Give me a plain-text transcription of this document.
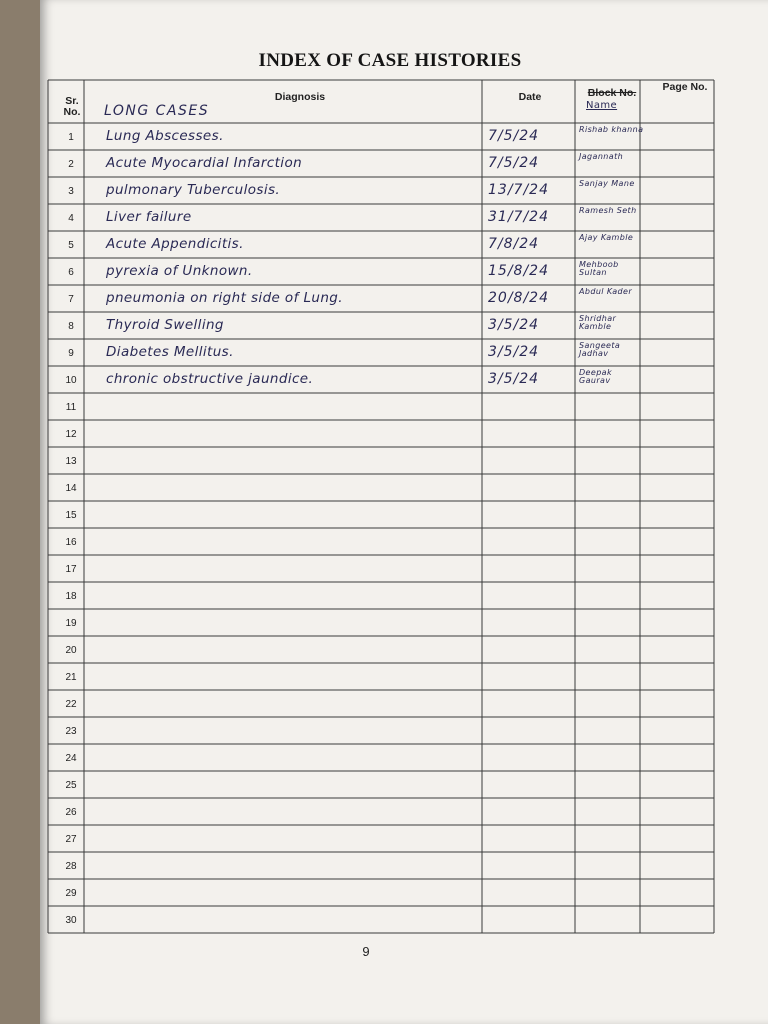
INDEX OF CASE HISTORIES
Sr. No.
Diagnosis	Date	Block No.
Name
Page No.
LONG CASES
1	Lung Abscesses.	7/5/24	Rishab khanna
2	Acute Myocardial Infarction	7/5/24	Jagannath
3	pulmonary Tuberculosis.	13/7/24	Sanjay Mane
4	Liver failure	31/7/24	Ramesh Seth
5	Acute Appendicitis.	7/8/24	Ajay Kamble
6	pyrexia of Unknown.	15/8/24	Mehboob Sultan
7	pneumonia on right side of Lung.	20/8/24	Abdul Kader
8	Thyroid Swelling	3/5/24	Shridhar Kamble
9	Diabetes Mellitus.	3/5/24	Sangeeta Jadhav
10 chronic obstructive jaundice.	3/5/24	Deepak Gaurav
11
12
13
14
15
16
17
18
19
20
21
22
23
24
25
26
27
28
29
30
9
